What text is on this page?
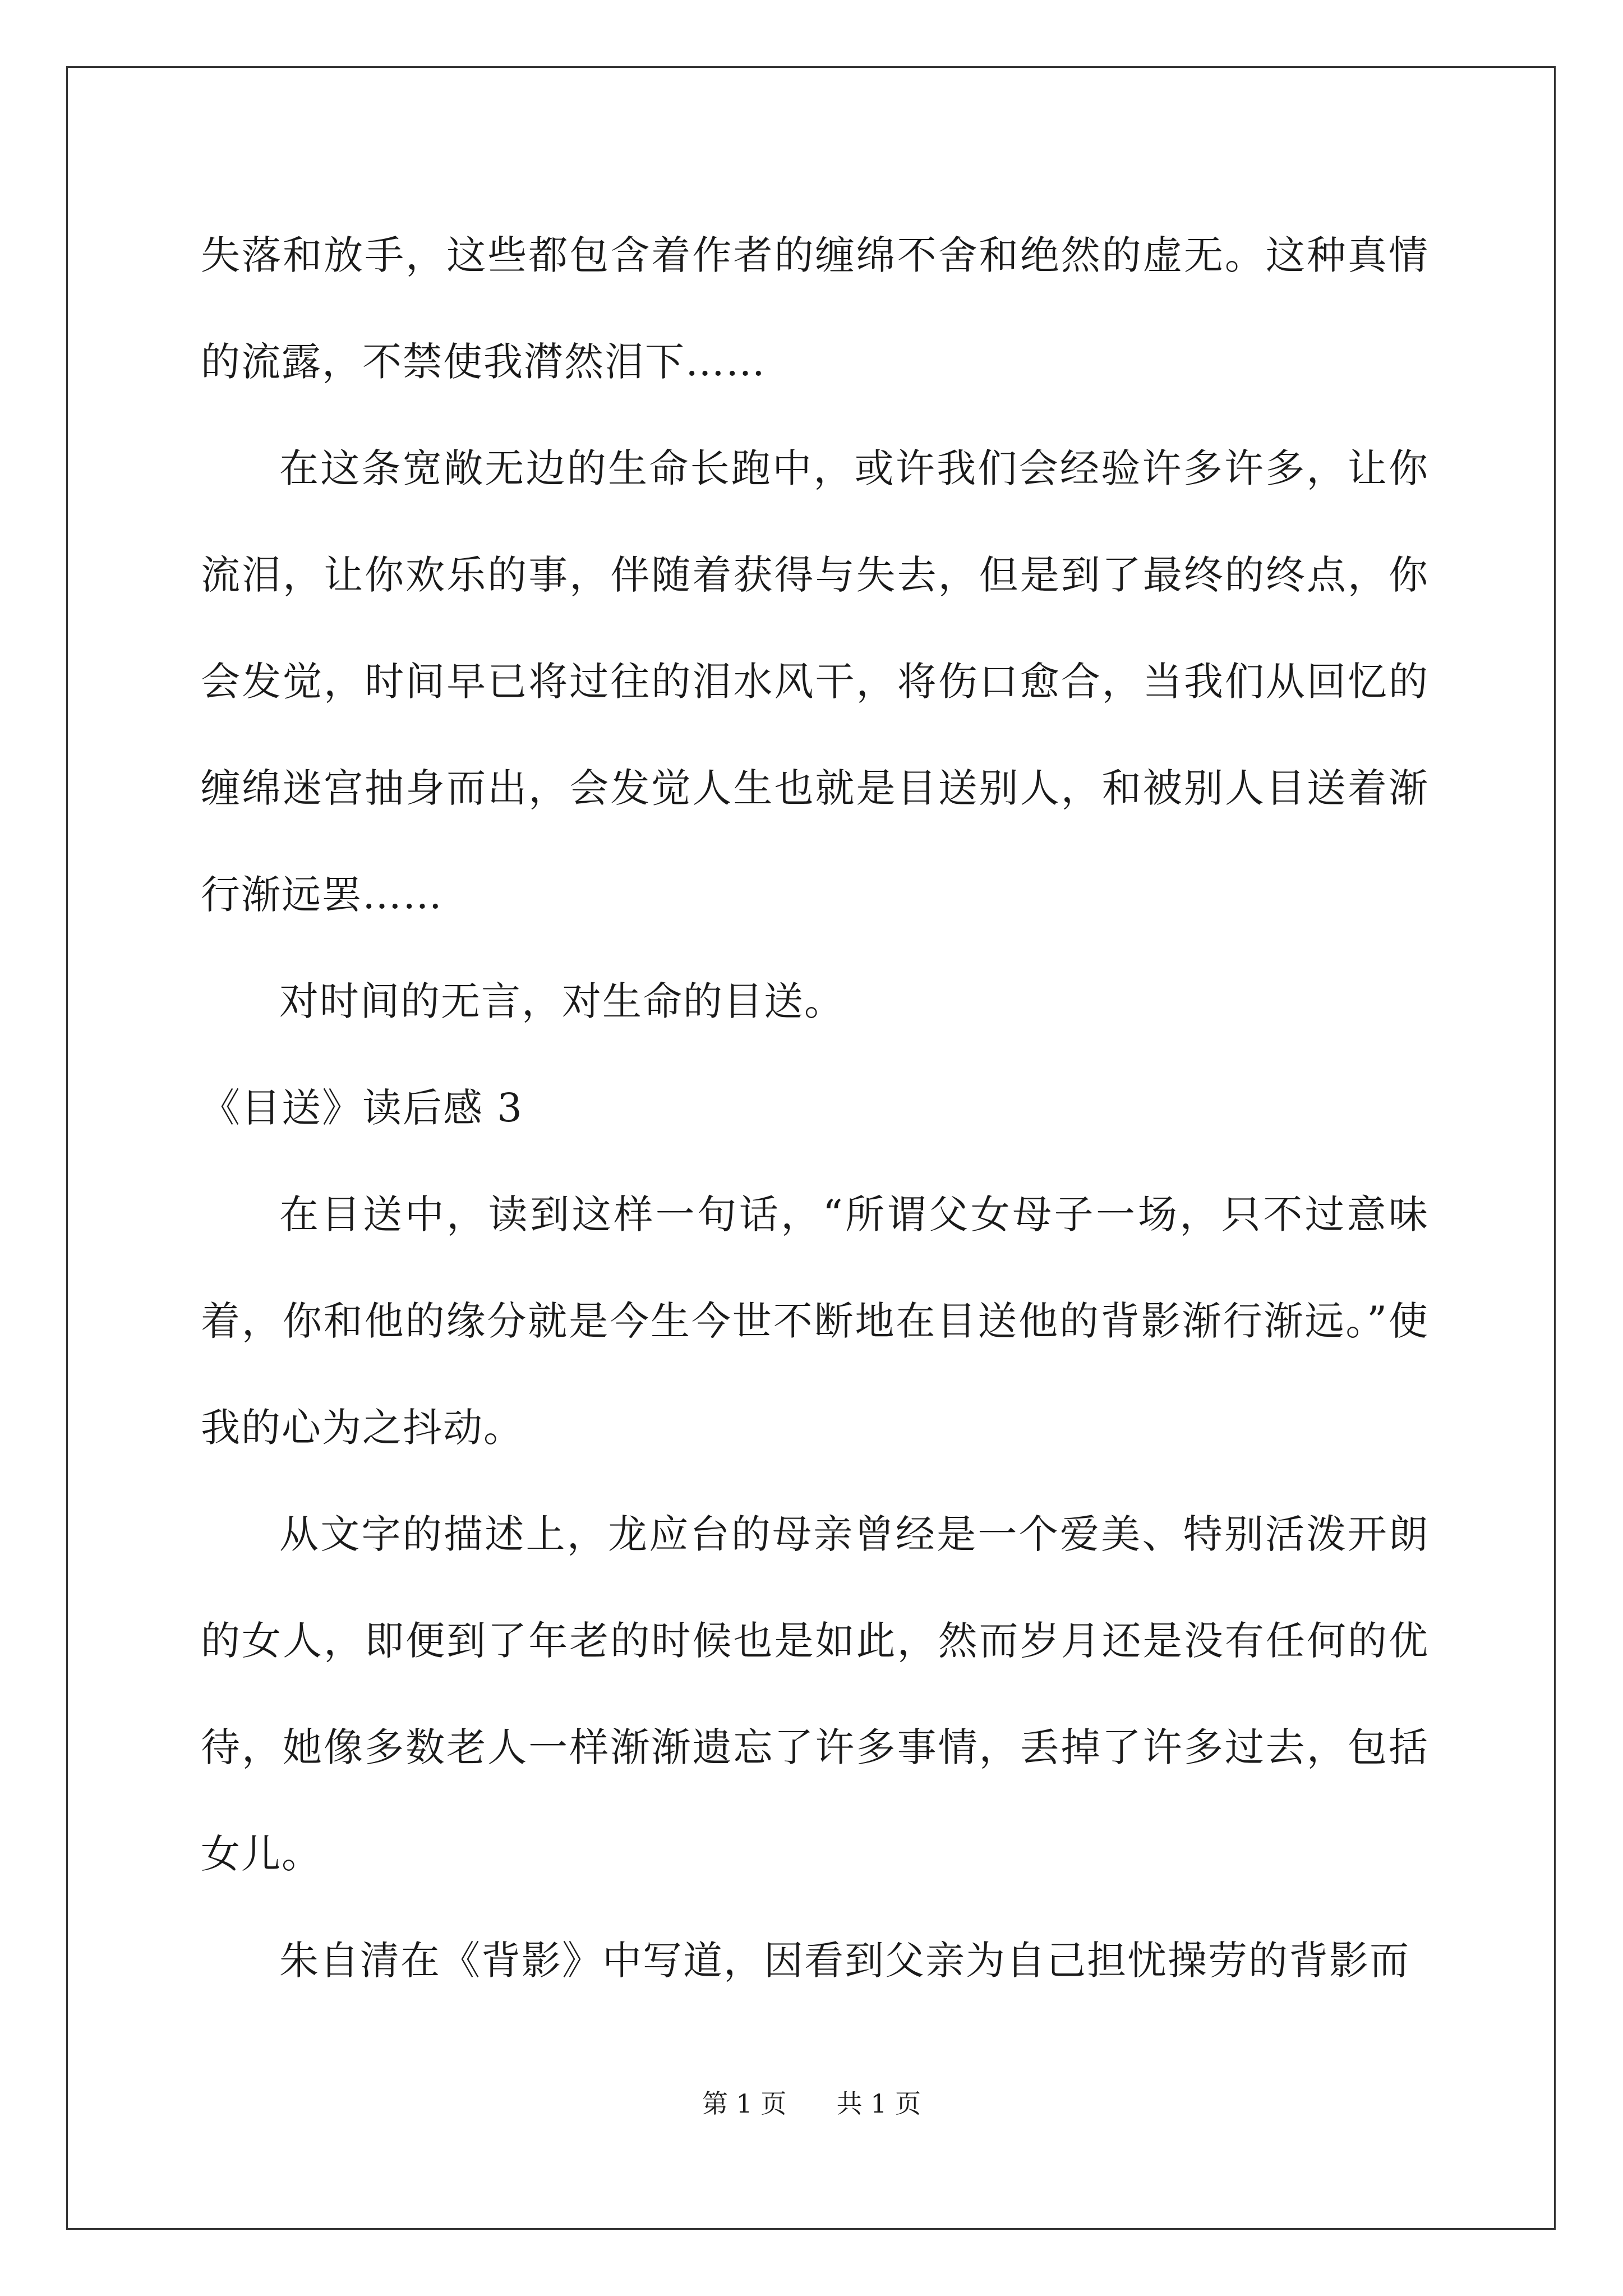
失落和放手，这些都包含着作者的缠绵不舍和绝然的虚无。这种真情的流露，不禁使我潸然泪下……

在这条宽敞无边的生命长跑中，或许我们会经验许多许多，让你流泪，让你欢乐的事，伴随着获得与失去，但是到了最终的终点，你会发觉，时间早已将过往的泪水风干，将伤口愈合，当我们从回忆的缠绵迷宫抽身而出，会发觉人生也就是目送别人，和被别人目送着渐行渐远罢……

对时间的无言，对生命的目送。

《目送》读后感 3

在目送中，读到这样一句话，“所谓父女母子一场，只不过意味着，你和他的缘分就是今生今世不断地在目送他的背影渐行渐远。”使我的心为之抖动。

从文字的描述上，龙应台的母亲曾经是一个爱美、特别活泼开朗的女人，即便到了年老的时候也是如此，然而岁月还是没有任何的优待，她像多数老人一样渐渐遗忘了许多事情，丢掉了许多过去，包括女儿。

朱自清在《背影》中写道，因看到父亲为自己担忧操劳的背影而

第 1 页 共 1 页
